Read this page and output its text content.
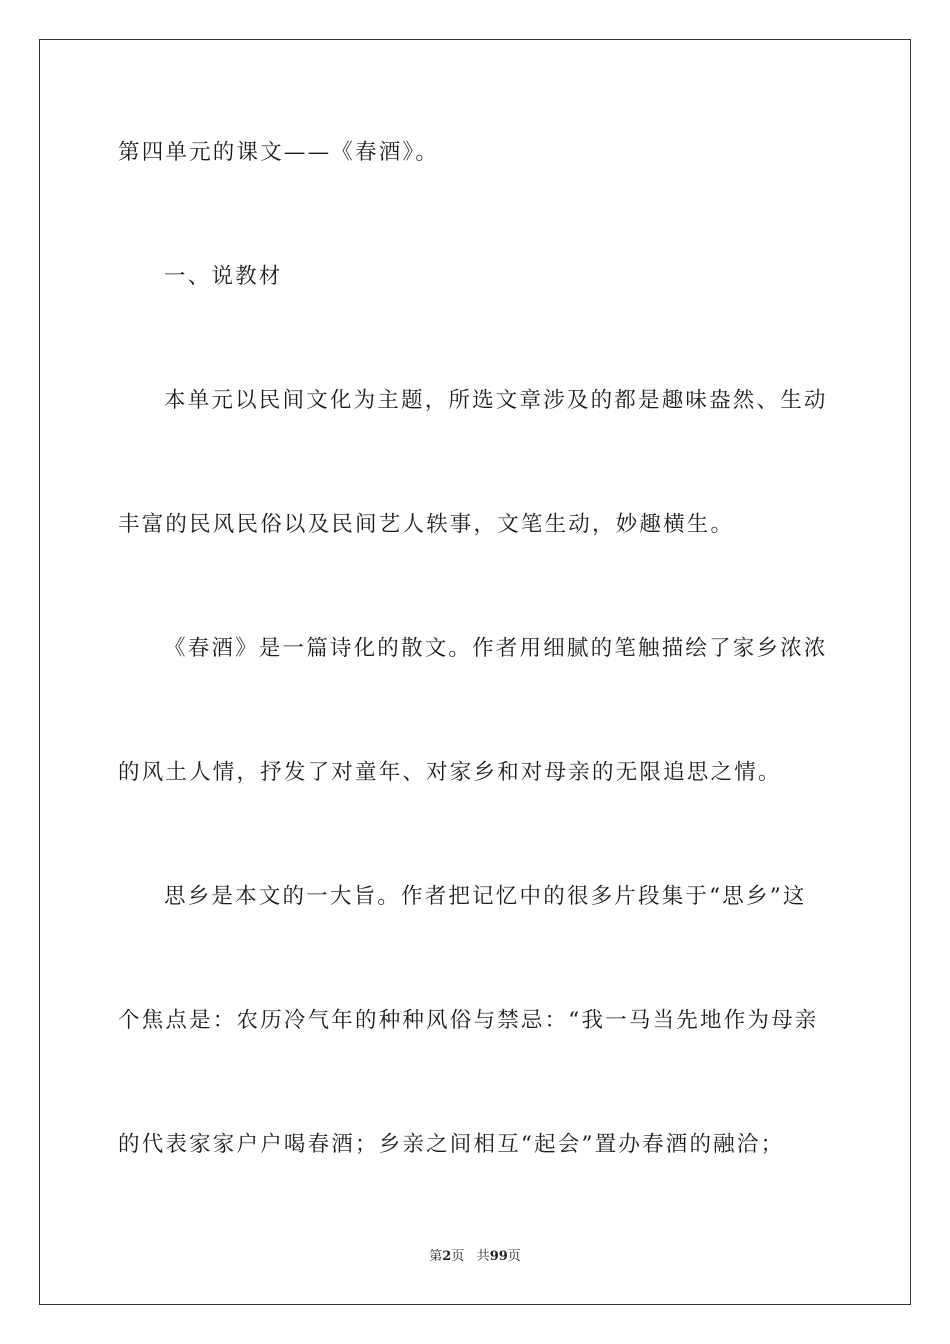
第四单元的课文——《春酒》。
一、说教材
本单元以民间文化为主题，所选文章涉及的都是趣味盎然、生动
丰富的民风民俗以及民间艺人轶事，文笔生动，妙趣横生。
《春酒》是一篇诗化的散文。作者用细腻的笔触描绘了家乡浓浓
的风土人情，抒发了对童年、对家乡和对母亲的无限追思之情。
思乡是本文的一大旨。作者把记忆中的很多片段集于“思乡”这
个焦点是：农历冷气年的种种风俗与禁忌：“我一马当先地作为母亲
的代表家家户户喝春酒；乡亲之间相互“起会”置办春酒的融洽；
第2页 共99页
